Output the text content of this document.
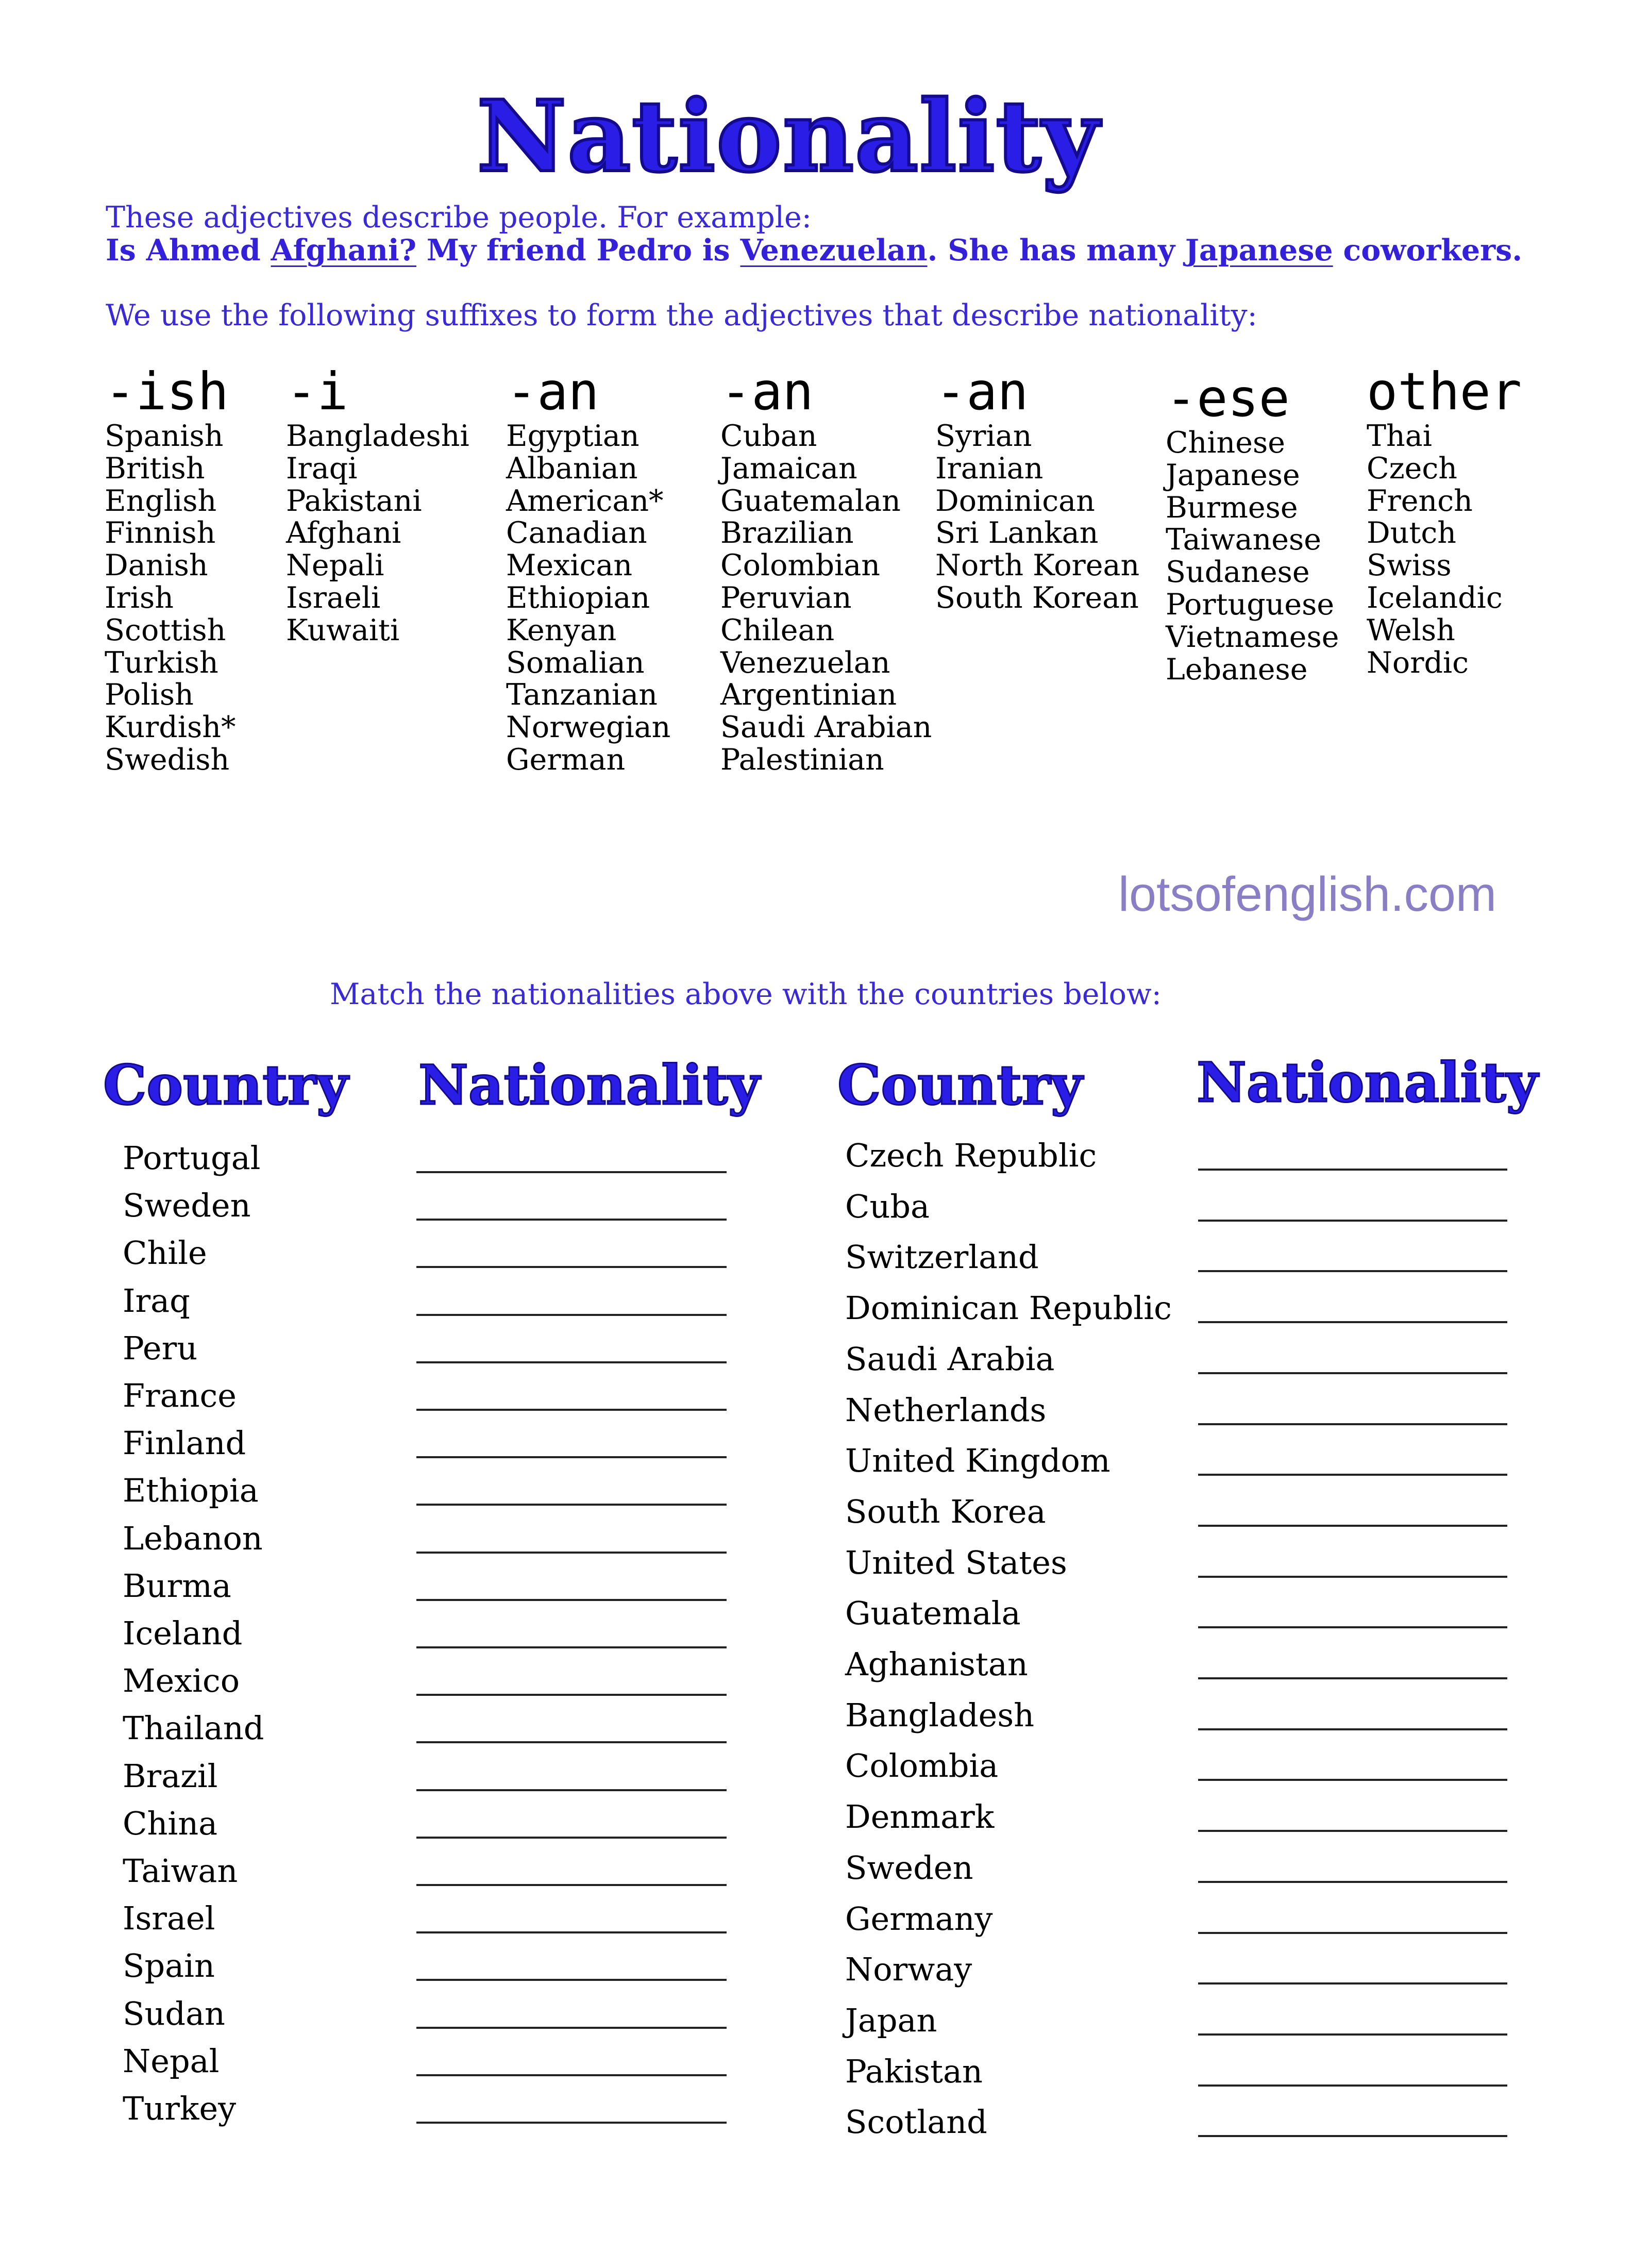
Nationality
These adjectives describe people. For example:
Is Ahmed Afghani? My friend Pedro is Venezuelan. She has many Japanese coworkers.
We use the following suffixes to form the adjectives that describe nationality:
-ish
Spanish
British
English
Finnish
Danish
Irish
Scottish
Turkish
Polish
Kurdish*
Swedish
-i
Bangladeshi
Iraqi
Pakistani
Afghani
Nepali
Israeli
Kuwaiti
-an
Egyptian
Albanian
American*
Canadian
Mexican
Ethiopian
Kenyan
Somalian
Tanzanian
Norwegian
German
-an
Cuban
Jamaican
Guatemalan
Brazilian
Colombian
Peruvian
Chilean
Venezuelan
Argentinian
Saudi Arabian
Palestinian
-an
Syrian
Iranian
Dominican
Sri Lankan
North Korean
South Korean
-ese
Chinese
Japanese
Burmese
Taiwanese
Sudanese
Portuguese
Vietnamese
Lebanese
other
Thai
Czech
French
Dutch
Swiss
Icelandic
Welsh
Nordic
lotsofenglish.com
Match the nationalities above with the countries below:
Country Nationality Country Nationality
Portugal
Sweden
Chile
Iraq
Peru
France
Finland
Ethiopia
Lebanon
Burma
Iceland
Mexico
Thailand
Brazil
China
Taiwan
Israel
Spain
Sudan
Nepal
Turkey
Czech Republic
Cuba
Switzerland
Dominican Republic
Saudi Arabia
Netherlands
United Kingdom
South Korea
United States
Guatemala
Aghanistan
Bangladesh
Colombia
Denmark
Sweden
Germany
Norway
Japan
Pakistan
Scotland
